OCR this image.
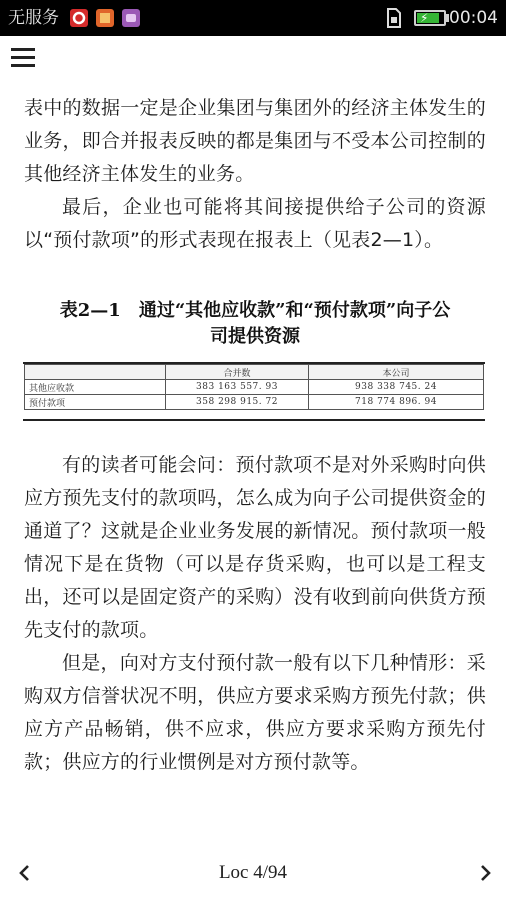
无服务	⚡ 00:04

表中的数据一定是企业集团与集团外的经济主体发生的业务，即合并报表反映的都是集团与不受本公司控制的其他经济主体发生的业务。

最后，企业也可能将其间接提供给子公司的资源以“预付款项”的形式表现在报表上（见表2—1）。

表2—1　通过“其他应收款”和“预付款项”向子公
司提供资源
	合并数	本公司
其他应收款	383 163 557. 93	938 338 745. 24
预付款项	358 298 915. 72	718 774 896. 94

有的读者可能会问：预付款项不是对外采购时向供应方预先支付的款项吗，怎么成为向子公司提供资金的通道了？这就是企业业务发展的新情况。预付款项一般情况下是在货物（可以是存货采购，也可以是工程支出，还可以是固定资产的采购）没有收到前向供货方预先支付的款项。

但是，向对方支付预付款一般有以下几种情形：采购双方信誉状况不明，供应方要求采购方预先付款；供应方产品畅销，供不应求，供应方要求采购方预先付款；供应方的行业惯例是对方预付款等。

Loc 4/94
